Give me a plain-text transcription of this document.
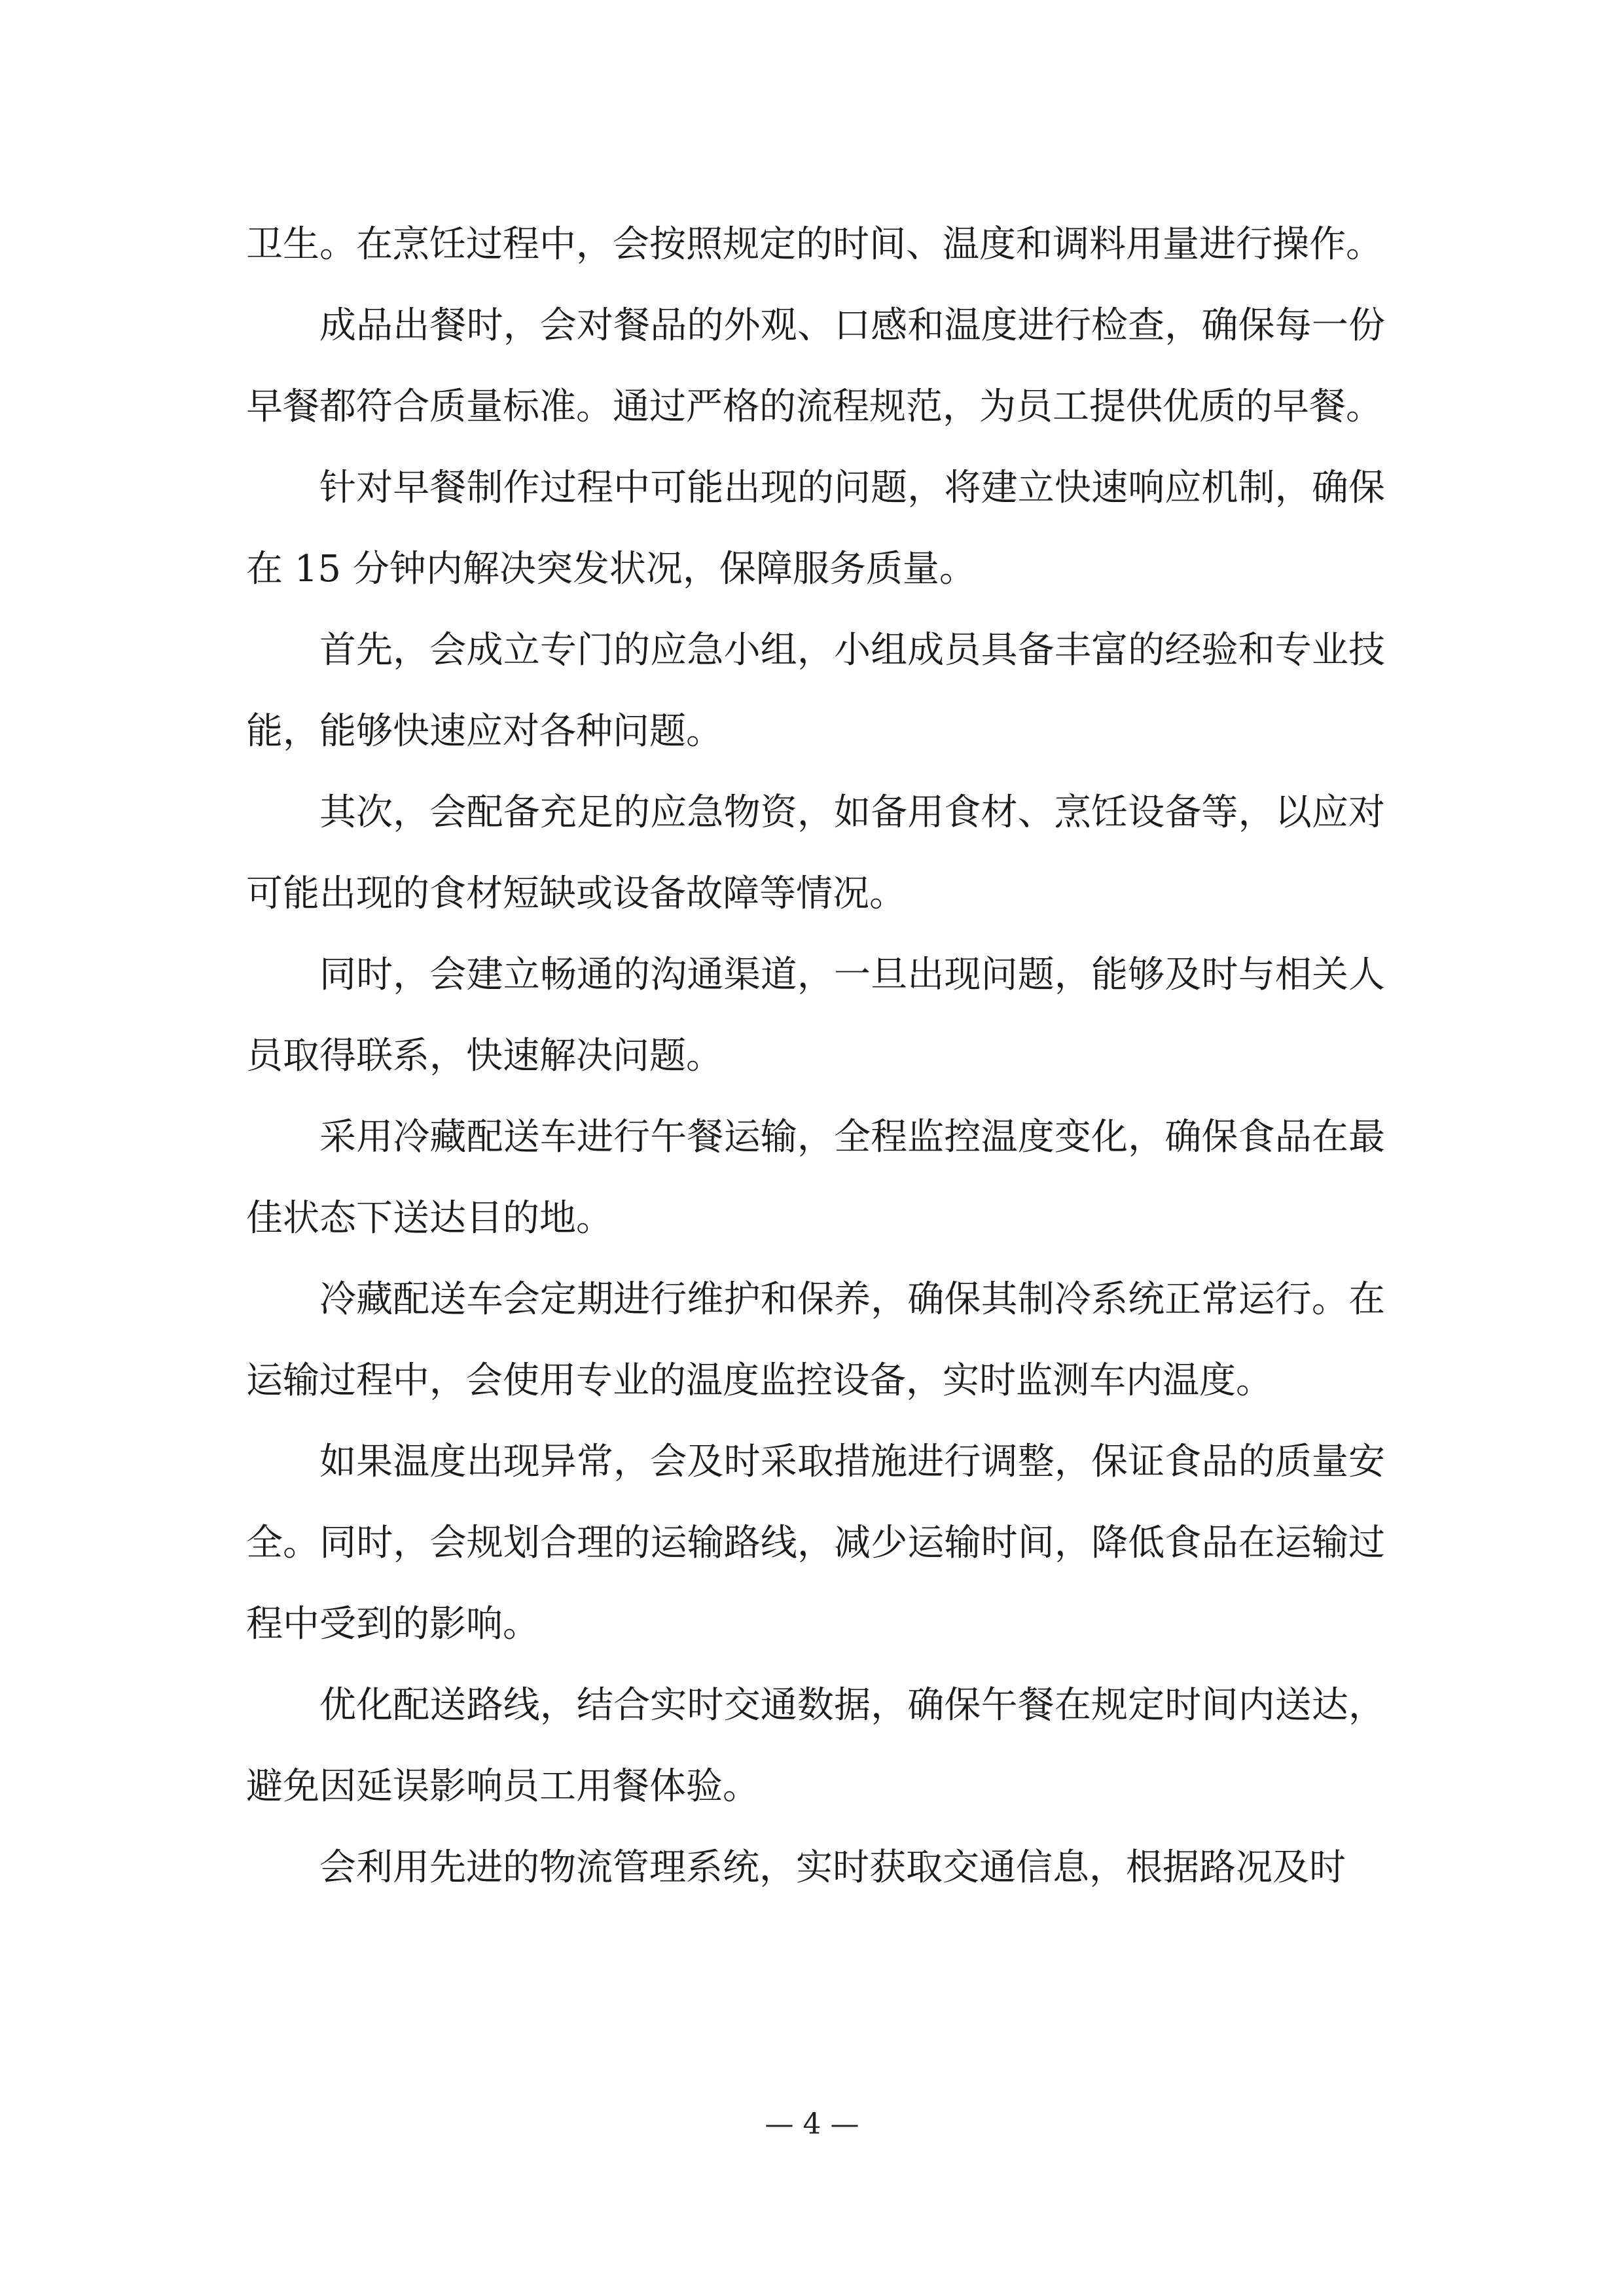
卫生。在烹饪过程中，会按照规定的时间、温度和调料用量进行操作。

成品出餐时，会对餐品的外观、口感和温度进行检查，确保每一份早餐都符合质量标准。通过严格的流程规范，为员工提供优质的早餐。

针对早餐制作过程中可能出现的问题，将建立快速响应机制，确保在 15 分钟内解决突发状况，保障服务质量。

首先，会成立专门的应急小组，小组成员具备丰富的经验和专业技能，能够快速应对各种问题。

其次，会配备充足的应急物资，如备用食材、烹饪设备等，以应对可能出现的食材短缺或设备故障等情况。

同时，会建立畅通的沟通渠道，一旦出现问题，能够及时与相关人员取得联系，快速解决问题。

采用冷藏配送车进行午餐运输，全程监控温度变化，确保食品在最佳状态下送达目的地。

冷藏配送车会定期进行维护和保养，确保其制冷系统正常运行。在运输过程中，会使用专业的温度监控设备，实时监测车内温度。

如果温度出现异常，会及时采取措施进行调整，保证食品的质量安全。同时，会规划合理的运输路线，减少运输时间，降低食品在运输过程中受到的影响。

优化配送路线，结合实时交通数据，确保午餐在规定时间内送达，避免因延误影响员工用餐体验。

会利用先进的物流管理系统，实时获取交通信息，根据路况及时

— 4 —
